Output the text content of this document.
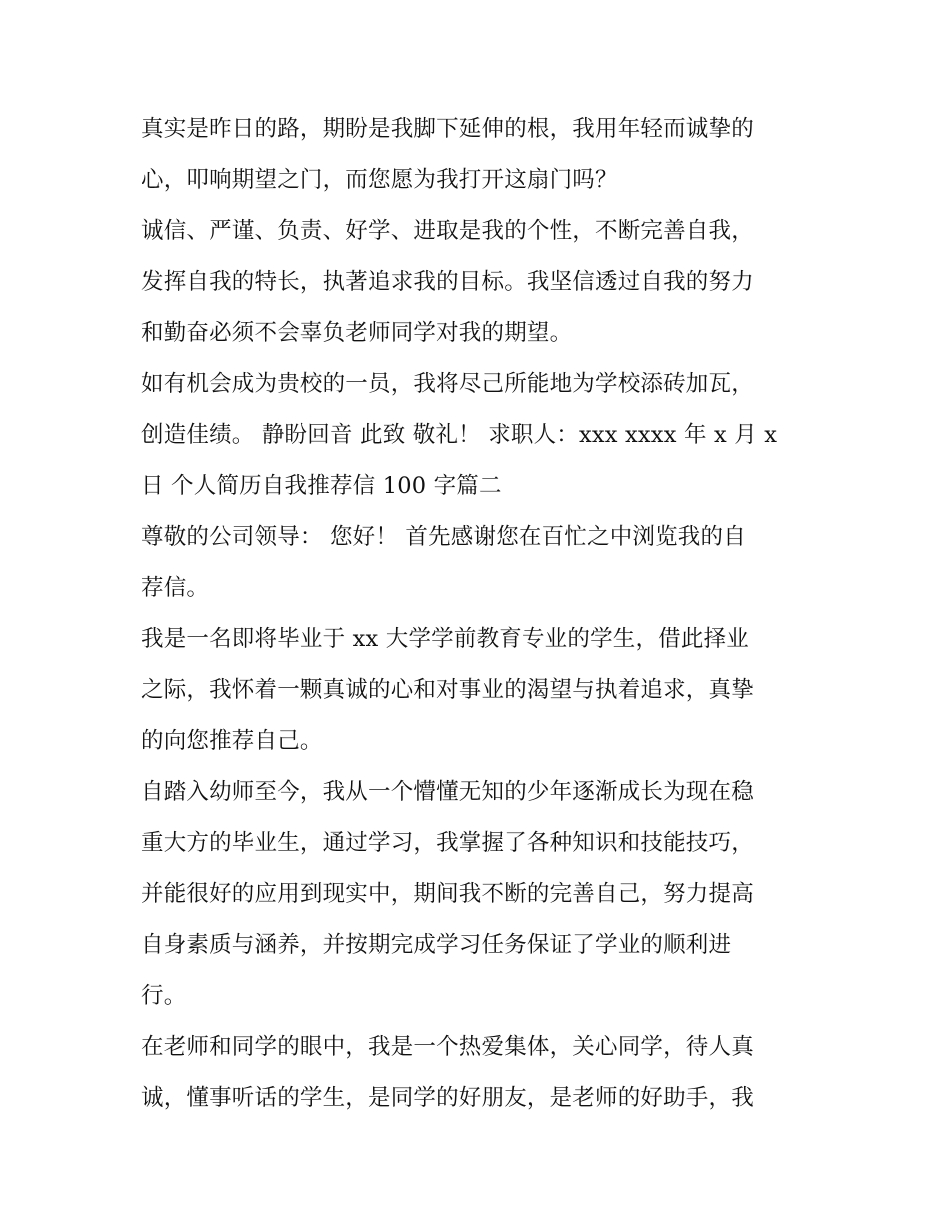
真实是昨日的路，期盼是我脚下延伸的根，我用年轻而诚挚的
心，叩响期望之门，而您愿为我打开这扇门吗？
诚信、严谨、负责、好学、进取是我的个性，不断完善自我，
发挥自我的特长，执著追求我的目标。我坚信透过自我的努力
和勤奋必须不会辜负老师同学对我的期望。
如有机会成为贵校的一员，我将尽己所能地为学校添砖加瓦，
创造佳绩。 静盼回音 此致 敬礼！ 求职人：xxx xxxx 年 x 月 x
日 个人简历自我推荐信 100 字篇二
尊敬的公司领导： 您好！ 首先感谢您在百忙之中浏览我的自
荐信。
我是一名即将毕业于 xx 大学学前教育专业的学生，借此择业
之际，我怀着一颗真诚的心和对事业的渴望与执着追求，真挚
的向您推荐自己。
自踏入幼师至今，我从一个懵懂无知的少年逐渐成长为现在稳
重大方的毕业生，通过学习，我掌握了各种知识和技能技巧，
并能很好的应用到现实中，期间我不断的完善自己，努力提高
自身素质与涵养，并按期完成学习任务保证了学业的顺利进
行。
在老师和同学的眼中，我是一个热爱集体，关心同学，待人真
诚，懂事听话的学生，是同学的好朋友，是老师的好助手，我
